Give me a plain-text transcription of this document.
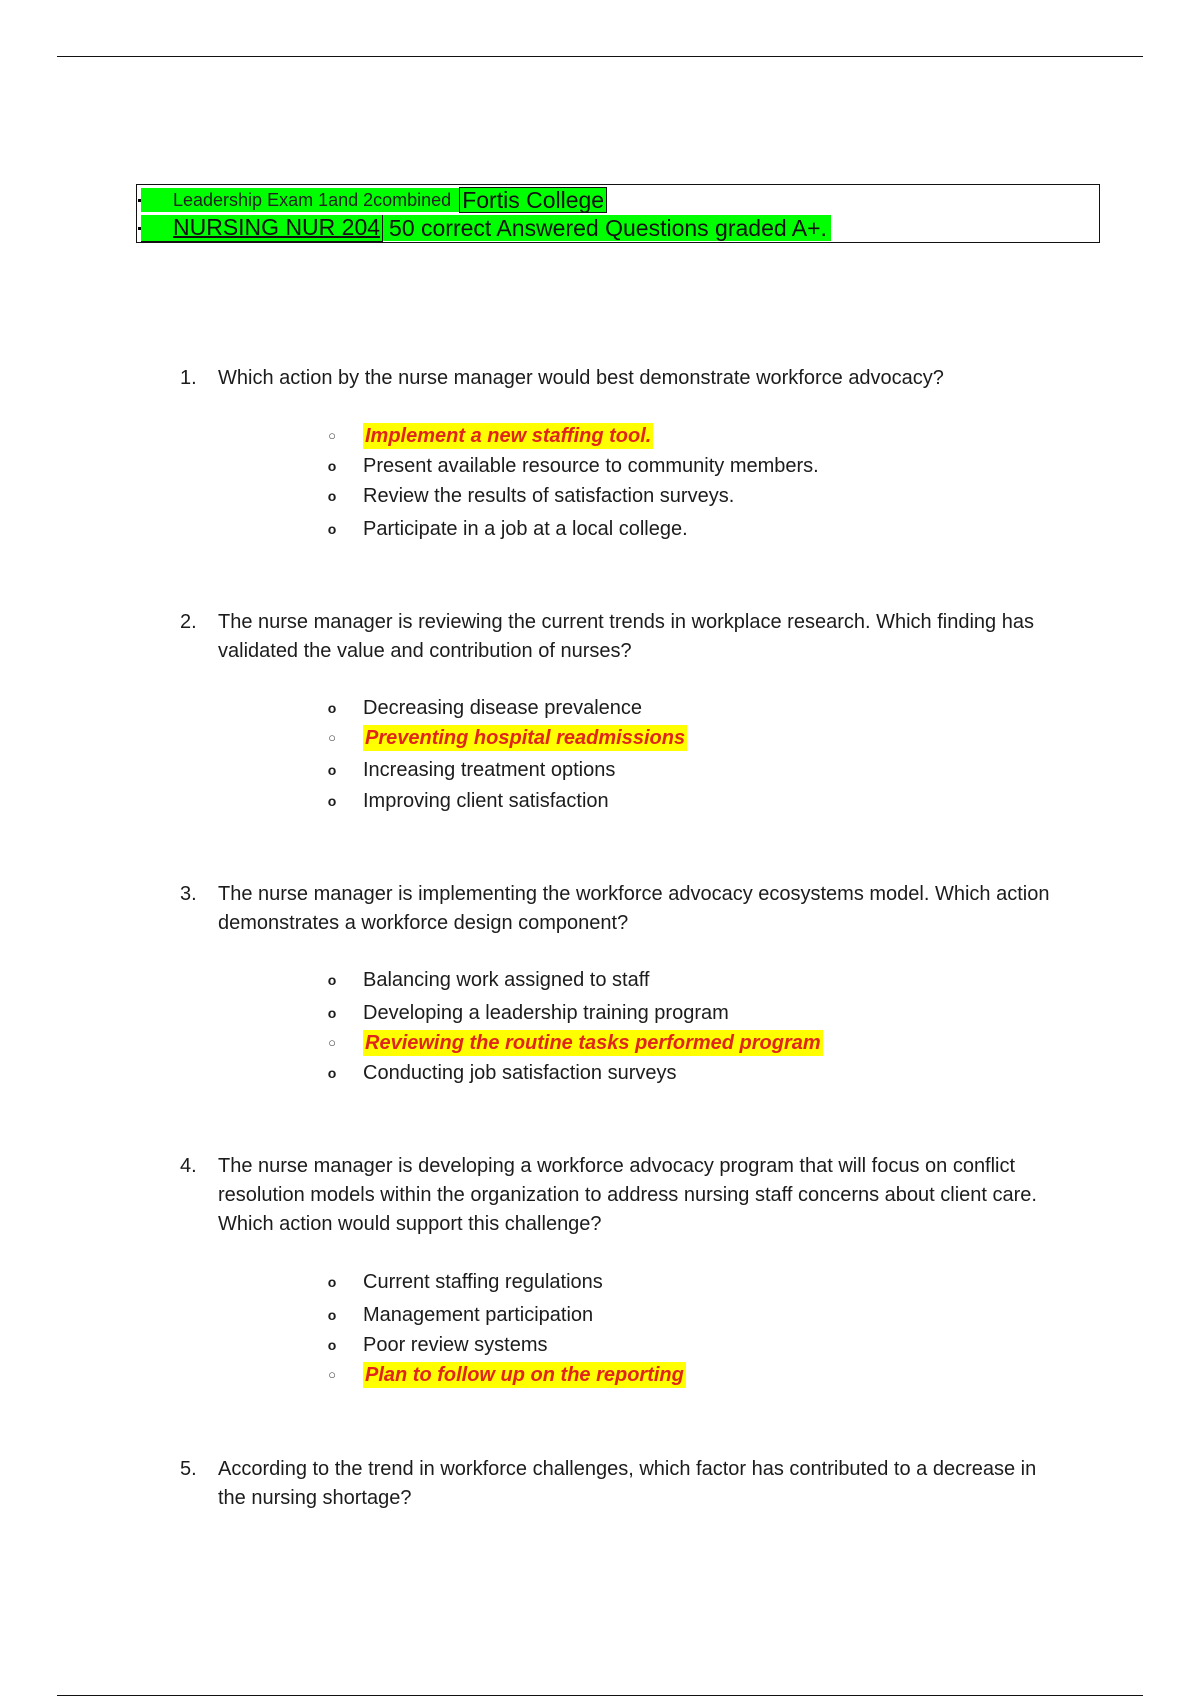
Leadership Exam 1and 2combined Fortis College
NURSING NUR 204 50 correct Answered Questions graded A+.
1.	Which action by the nurse manager would best demonstrate workforce advocacy?
○ Implement a new staffing tool.
o Present available resource to community members.
o Review the results of satisfaction surveys.
o Participate in a job at a local college.
2.	The nurse manager is reviewing the current trends in workplace research. Which finding has validated the value and contribution of nurses?
o Decreasing disease prevalence
○ Preventing hospital readmissions
o Increasing treatment options
o Improving client satisfaction
3.	The nurse manager is implementing the workforce advocacy ecosystems model. Which action demonstrates a workforce design component?
o Balancing work assigned to staff
o Developing a leadership training program
○ Reviewing the routine tasks performed program
o Conducting job satisfaction surveys
4.	The nurse manager is developing a workforce advocacy program that will focus on conflict resolution models within the organization to address nursing staff concerns about client care. Which action would support this challenge?
o Current staffing regulations
o Management participation
o Poor review systems
○ Plan to follow up on the reporting
5.	According to the trend in workforce challenges, which factor has contributed to a decrease in the nursing shortage?
